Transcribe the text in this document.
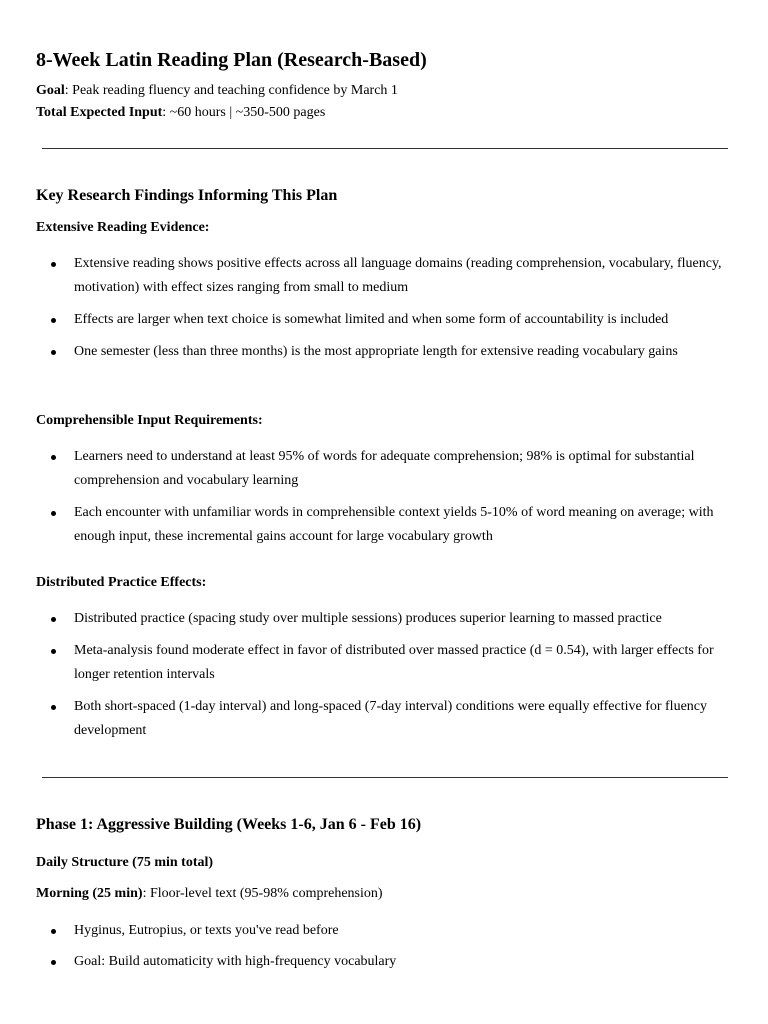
8-Week Latin Reading Plan (Research-Based)

Goal: Peak reading fluency and teaching confidence by March 1

Total Expected Input: ~60 hours | ~350-500 pages

Key Research Findings Informing This Plan

Extensive Reading Evidence:

Extensive reading shows positive effects across all language domains (reading comprehension, vocabulary, fluency, motivation) with effect sizes ranging from small to medium
Effects are larger when text choice is somewhat limited and when some form of accountability is included
One semester (less than three months) is the most appropriate length for extensive reading vocabulary gains

Comprehensible Input Requirements:

Learners need to understand at least 95% of words for adequate comprehension; 98% is optimal for substantial comprehension and vocabulary learning
Each encounter with unfamiliar words in comprehensible context yields 5-10% of word meaning on average; with enough input, these incremental gains account for large vocabulary growth

Distributed Practice Effects:

Distributed practice (spacing study over multiple sessions) produces superior learning to massed practice
Meta-analysis found moderate effect in favor of distributed over massed practice (d = 0.54), with larger effects for longer retention intervals
Both short-spaced (1-day interval) and long-spaced (7-day interval) conditions were equally effective for fluency development
Phase 1: Aggressive Building (Weeks 1-6, Jan 6 - Feb 16)

Daily Structure (75 min total)

Morning (25 min): Floor-level text (95-98% comprehension)

Hyginus, Eutropius, or texts you've read before
Goal: Build automaticity with high-frequency vocabulary
